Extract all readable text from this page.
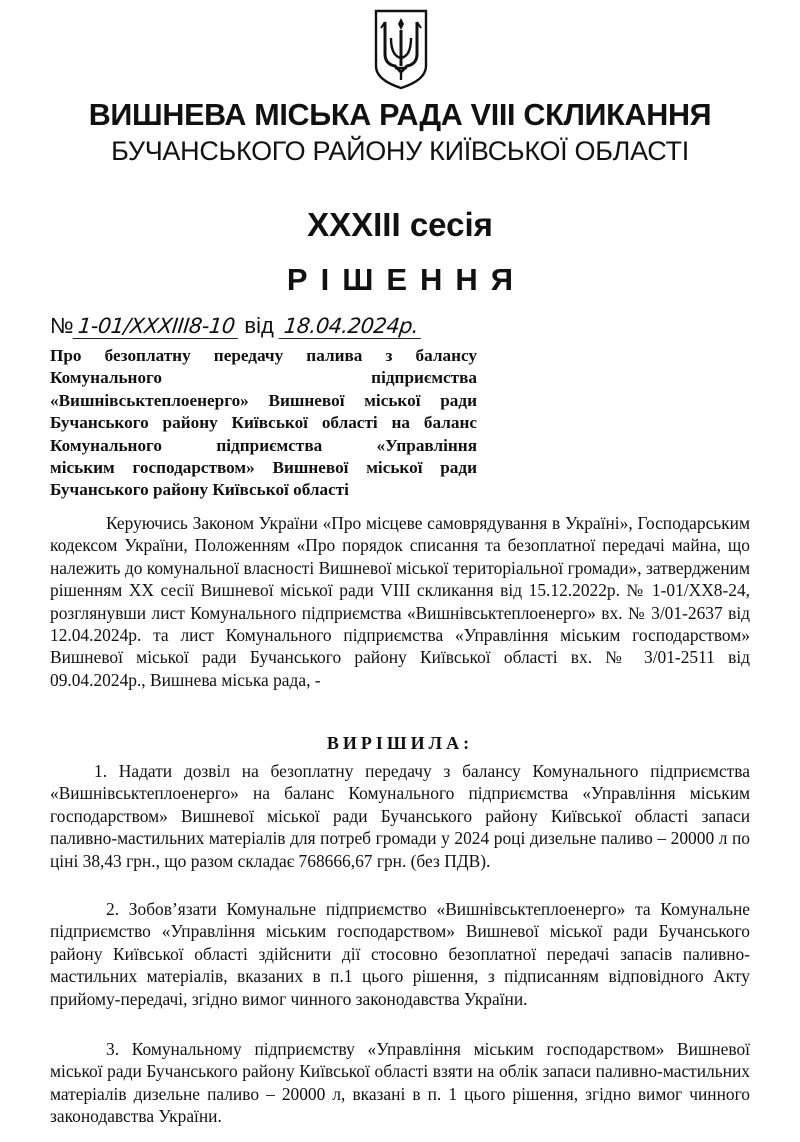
ВИШНЕВА МІСЬКА РАДА VIII СКЛИКАННЯ
БУЧАНСЬКОГО РАЙОНУ КИЇВСЬКОЇ ОБЛАСТІ
XXXIII сесія
РІШЕННЯ
№ 1-01/XXXIII8-10 від 18.04.2024р.
Про безоплатну передачу палива з балансу
Комунального підприємства
«Вишнівськтеплоенерго» Вишневої міської ради
Бучанського району Київської області на баланс
Комунального підприємства «Управління
міським господарством» Вишневої міської ради
Бучанського району Київської області

Керуючись Законом України «Про місцеве самоврядування в Україні», Господарським кодексом України, Положенням «Про порядок списання та безоплатної передачі майна, що належить до комунальної власності Вишневої міської територіальної громади», затвердженим рішенням XX сесії Вишневої міської ради VIII скликання від 15.12.2022р. № 1-01/XX8-24, розглянувши лист Комунального підприємства «Вишнівськтеплоенерго» вх. № 3/01-2637 від 12.04.2024р. та лист Комунального підприємства «Управління міським господарством» Вишневої міської ради Бучанського району Київської області вх. № 3/01-2511 від 09.04.2024р., Вишнева міська рада, -

ВИРІШИЛА:

1. Надати дозвіл на безоплатну передачу з балансу Комунального підприємства «Вишнівськтеплоенерго» на баланс Комунального підприємства «Управління міським господарством» Вишневої міської ради Бучанського району Київської області запаси паливно-мастильних матеріалів для потреб громади у 2024 році дизельне паливо – 20000 л по ціні 38,43 грн., що разом складає 768666,67 грн. (без ПДВ).

2. Зобов’язати Комунальне підприємство «Вишнівськтеплоенерго» та Комунальне підприємство «Управління міським господарством» Вишневої міської ради Бучанського району Київської області здійснити дії стосовно безоплатної передачі запасів паливно-мастильних матеріалів, вказаних в п.1 цього рішення, з підписанням відповідного Акту прийому-передачі, згідно вимог чинного законодавства України.

3. Комунальному підприємству «Управління міським господарством» Вишневої міської ради Бучанського району Київської області взяти на облік запаси паливно-мастильних матеріалів дизельне паливо – 20000 л, вказані в п. 1 цього рішення, згідно вимог чинного законодавства України.
